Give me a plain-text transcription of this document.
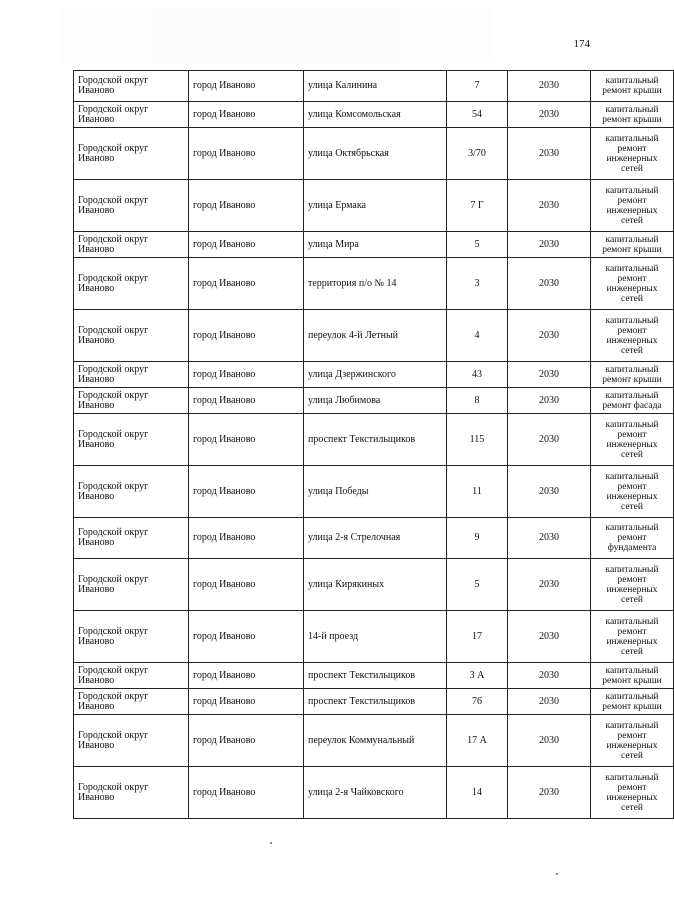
174
Городской округ Иваново	город Иваново	улица Калинина	7	2030	капитальный ремонт крыши
Городской округ Иваново	город Иваново	улица Комсомольская	54	2030	капитальный ремонт крыши
Городской округ Иваново	город Иваново	улица Октябрьская	3/70	2030	капитальный ремонт инженерных сетей
Городской округ Иваново	город Иваново	улица Ермака	7 Г	2030	капитальный ремонт инженерных сетей
Городской округ Иваново	город Иваново	улица Мира	5	2030	капитальный ремонт крыши
Городской округ Иваново	город Иваново	территория п/о № 14	3	2030	капитальный ремонт инженерных сетей
Городской округ Иваново	город Иваново	переулок 4-й Летный	4	2030	капитальный ремонт инженерных сетей
Городской округ Иваново	город Иваново	улица Дзержинского	43	2030	капитальный ремонт крыши
Городской округ Иваново	город Иваново	улица Любимова	8	2030	капитальный ремонт фасада
Городской округ Иваново	город Иваново	проспект Текстильщиков	115	2030	капитальный ремонт инженерных сетей
Городской округ Иваново	город Иваново	улица Победы	11	2030	капитальный ремонт инженерных сетей
Городской округ Иваново	город Иваново	улица 2-я Стрелочная	9	2030	капитальный ремонт фундамента
Городской округ Иваново	город Иваново	улица Кирякиных	5	2030	капитальный ремонт инженерных сетей
Городской округ Иваново	город Иваново	14-й проезд	17	2030	капитальный ремонт инженерных сетей
Городской округ Иваново	город Иваново	проспект Текстильщиков	3 А	2030	капитальный ремонт крыши
Городской округ Иваново	город Иваново	проспект Текстильщиков	76	2030	капитальный ремонт крыши
Городской округ Иваново	город Иваново	переулок Коммунальный	17 А	2030	капитальный ремонт инженерных сетей
Городской округ Иваново	город Иваново	улица 2-я Чайковского	14	2030	капитальный ремонт инженерных сетей
